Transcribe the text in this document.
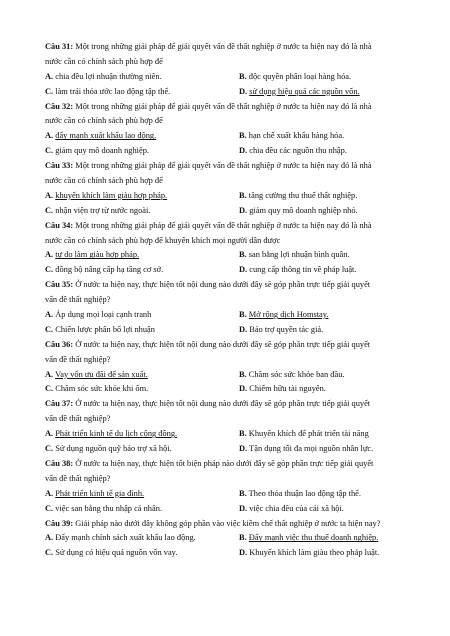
Câu 31: Một trong những giải pháp để giải quyết vấn đề thất nghiệp ở nước ta hiện nay đó là nhà
nước cần có chính sách phù hợp để
A. chia đều lợi nhuận thường niên.	B. độc quyền phân loại hàng hóa.
C. làm trái thỏa ước lao động tập thể.	D. sử dụng hiệu quả các nguồn vốn.
Câu 32: Một trong những giải pháp để giải quyết vấn đề thất nghiệp ở nước ta hiện nay đó là nhà
nước cần có chính sách phù hợp để
A. đẩy mạnh xuất khẩu lao động.	B. hạn chế xuất khẩu hàng hóa.
C. giảm quy mô doanh nghiệp.	D. chia đều các nguồn thu nhập.
Câu 33: Một trong những giải pháp để giải quyết vấn đề thất nghiệp ở nước ta hiện nay đó là nhà
nước cần có chính sách phù hợp để
A. khuyến khích làm giàu hợp pháp.	B. tăng cường thu thuế thất nghiệp.
C. nhận viện trợ từ nước ngoài.	D. giảm quy mô doanh nghiệp nhỏ.
Câu 34: Một trong những giải pháp để giải quyết vấn đề thất nghiệp ở nước ta hiện nay đó là nhà
nước cần có chính sách phù hợp để khuyến khích mọi người dân được
A. tự do làm giàu hợp pháp.	B. san bằng lợi nhuận bình quân.
C. đồng bộ nâng cấp hạ tầng cơ sở.	D. cung cấp thông tin về pháp luật.
Câu 35: Ở nước ta hiện nay, thực hiện tốt nội dung nào dưới đây sẽ góp phần trực tiếp giải quyết
vấn đề thất nghiệp?
A. Áp dụng mọi loại cạnh tranh	B. Mở rộng dịch Homstay.
C. Chiến lược phân bổ lợi nhuận	D. Bảo trợ quyền tác giả.
Câu 36: Ở nước ta hiện nay, thực hiện tốt nội dung nào dưới đây sẽ góp phần trực tiếp giải quyết
vấn đề thất nghiệp?
A. Vay vốn ưu đãi để sản xuất.	B. Chăm sóc sức khỏe ban đầu.
C. Chăm sóc sức khỏe khi ốm.	D. Chiếm hữu tài nguyên.
Câu 37: Ở nước ta hiện nay, thực hiện tốt nội dung nào dưới đây sẽ góp phần trực tiếp giải quyết
vấn đề thất nghiệp?
A. Phát triển kinh tế du lịch cộng đồng.	B. Khuyến khích để phát triển tài năng
C. Sử dụng nguồn quỹ bảo trợ xã hội.	D. Tận dụng tối đa mọi nguồn nhân lực.
Câu 38: Ở nước ta hiện nay, thực hiện tốt biện pháp nào dưới đây sẽ góp phần trực tiếp giải quyết
vấn đề thất nghiệp?
A. Phát triển kinh tế gia đình.	B. Theo thỏa thuận lao động tập thể.
C. việc san bằng thu nhập cá nhân.	D. việc chia đều của cải xã hội.
Câu 39: Giải pháp nào dưới đây không góp phần vào việc kiềm chế thất nghiệp ở nước ta hiện nay?
A. Đẩy mạnh chính sách xuất khẩu lao động.	B. Đẩy mạnh việc thu thuế doanh nghiệp.
C. Sử dụng có hiệu quả nguồn vốn vay.	D. Khuyến khích làm giàu theo pháp luật.
